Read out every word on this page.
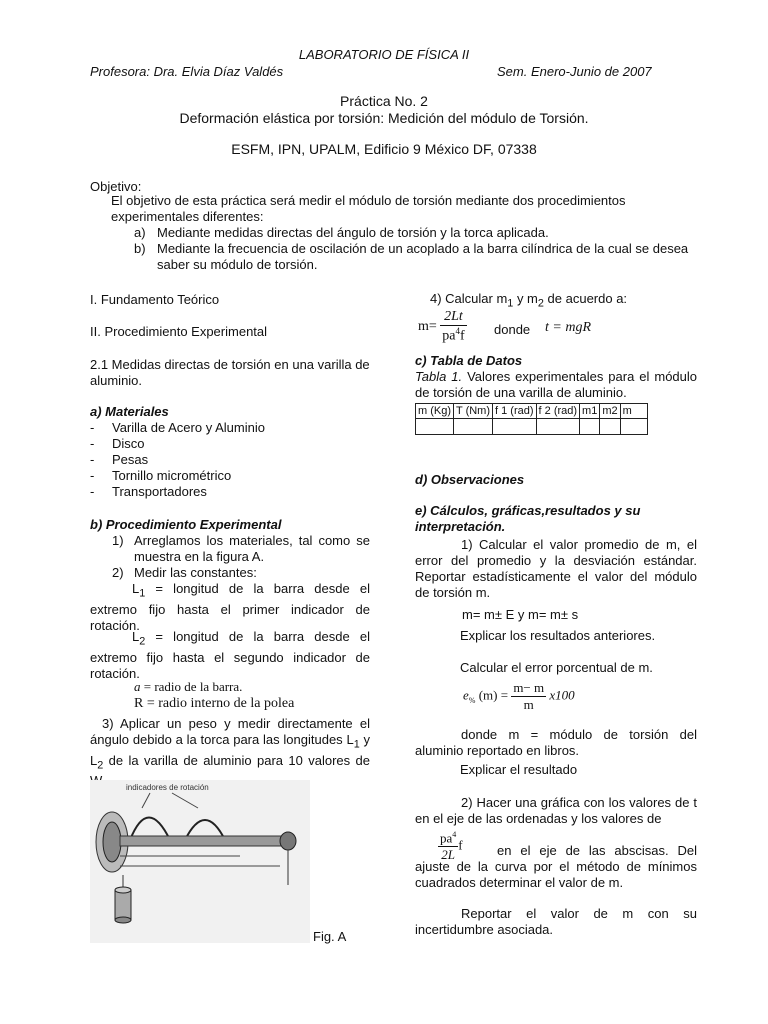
LABORATORIO DE FÍSICA II
Profesora: Dra. Elvia Díaz Valdés	Sem. Enero-Junio de 2007
Práctica No. 2
Deformación elástica por torsión: Medición del módulo de Torsión.
ESFM, IPN, UPALM, Edificio 9 México DF, 07338
Objetivo:
El objetivo de esta práctica será medir el módulo de torsión mediante dos procedimientos experimentales diferentes:
a) Mediante medidas directas del ángulo de torsión y la torca aplicada.
b) Mediante la frecuencia de oscilación de un acoplado a la barra cilíndrica de la cual se desea saber su módulo de torsión.
I. Fundamento Teórico
II. Procedimiento Experimental
2.1 Medidas directas de torsión en una varilla de aluminio.
a) Materiales
- Varilla de Acero y Aluminio
- Disco
- Pesas
- Tornillo micrométrico
- Transportadores
b) Procedimiento Experimental
1) Arreglamos los materiales, tal como se muestra en la figura A.
2) Medir las constantes:
$L_1$ = longitud de la barra desde el extremo fijo hasta el primer indicador de rotación.
$L_2$ = longitud de la barra desde el extremo fijo hasta el segundo indicador de rotación.
a = radio de la barra.
R = radio interno de la polea
3) Aplicar un peso y medir directamente el ángulo debido a la torca para las longitudes $L_1$ y $L_2$ de la varilla de aluminio para 10 valores de
indicadores de rotación
Fig. A
4) Calcular $m_1$ y $m_2$ de acuerdo a:
$m= \frac{2Lt}{pa^4f}$ donde t = mgR
c) Tabla de Datos
Tabla 1. Valores experimentales para el módulo de torsión de una varilla de aluminio.
m (Kg)	T (Nm)	f 1 (rad)	f 2 (rad)	m1	m2	m

d) Observaciones
e) Cálculos, gráficas,resultados y su interpretación.
1) Calcular el valor promedio de m, el error del promedio y la desviación estándar. Reportar estadísticamente el valor del módulo de torsión m.
m= m± E y m= m± s
Explicar los resultados anteriores.
Calcular el error porcentual de m.
$e_{\%}$ $(m) = \frac{m- m}{m} x100$
donde m = módulo de torsión del aluminio reportado en libros.
Explicar el resultado
2) Hacer una gráfica con los valores de t en el eje de las ordenadas y los valores de
$\frac{pa^4}{2L}$ f	en el eje de las abscisas. Del ajuste de la curva por el método de mínimos cuadrados determinar el valor de m.
Reportar el valor de m con su incertidumbre asociada.
